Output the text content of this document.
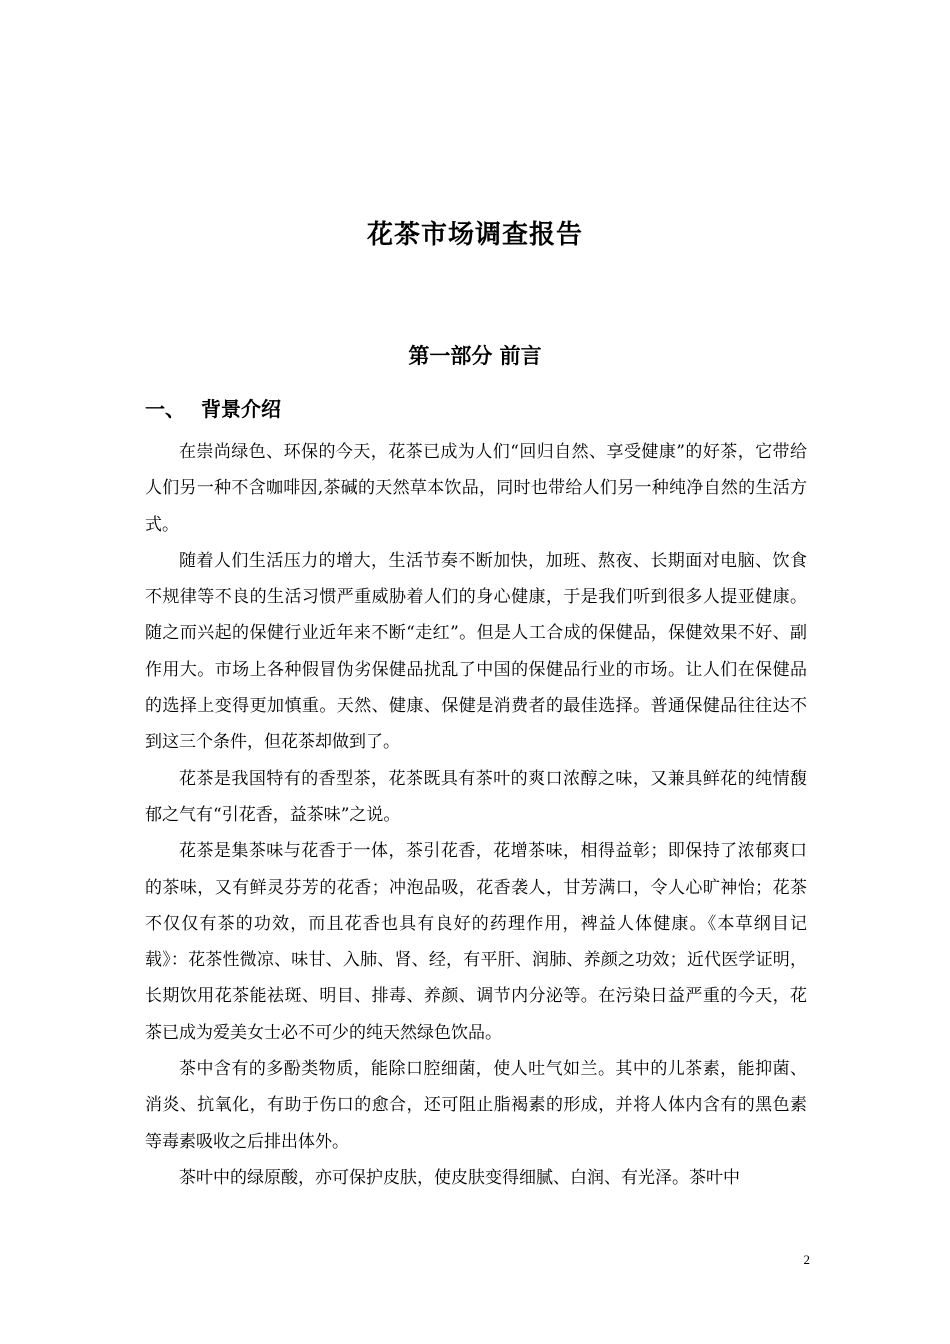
花茶市场调查报告
第一部分 前言
一、 背景介绍

在崇尚绿色、环保的今天，花茶已成为人们“回归自然、享受健康”的好茶，它带给人们另一种不含咖啡因,茶碱的天然草本饮品，同时也带给人们另一种纯净自然的生活方式。

随着人们生活压力的增大，生活节奏不断加快，加班、熬夜、长期面对电脑、饮食不规律等不良的生活习惯严重威胁着人们的身心健康，于是我们听到很多人提亚健康。随之而兴起的保健行业近年来不断“走红”。但是人工合成的保健品，保健效果不好、副作用大。市场上各种假冒伪劣保健品扰乱了中国的保健品行业的市场。让人们在保健品的选择上变得更加慎重。天然、健康、保健是消费者的最佳选择。普通保健品往往达不到这三个条件，但花茶却做到了。

花茶是我国特有的香型茶，花茶既具有茶叶的爽口浓醇之味，又兼具鲜花的纯情馥郁之气有“引花香，益茶味”之说。

花茶是集茶味与花香于一体，茶引花香，花增茶味，相得益彰；即保持了浓郁爽口的茶味，又有鲜灵芬芳的花香；冲泡品吸，花香袭人，甘芳满口，令人心旷神怡；花茶不仅仅有茶的功效，而且花香也具有良好的药理作用，裨益人体健康。《本草纲目记载》：花茶性微凉、味甘、入肺、肾、经，有平肝、润肺、养颜之功效；近代医学证明，长期饮用花茶能祛斑、明目、排毒、养颜、调节内分泌等。在污染日益严重的今天，花茶已成为爱美女士必不可少的纯天然绿色饮品。

茶中含有的多酚类物质，能除口腔细菌，使人吐气如兰。其中的儿茶素，能抑菌、消炎、抗氧化，有助于伤口的愈合，还可阻止脂褐素的形成，并将人体内含有的黑色素等毒素吸收之后排出体外。

茶叶中的绿原酸，亦可保护皮肤，使皮肤变得细腻、白润、有光泽。茶叶中

2
